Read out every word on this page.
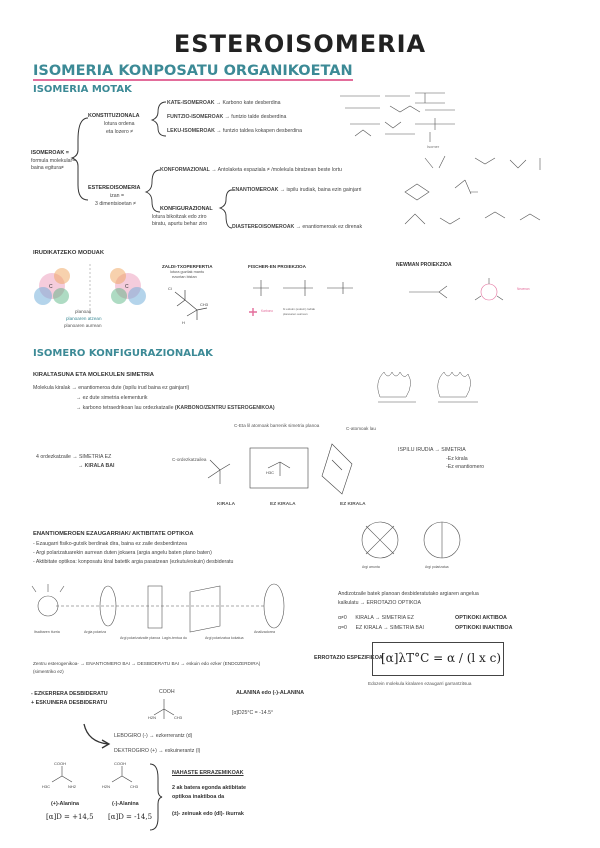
ESTEROISOMERIA
ISOMERIA KONPOSATU ORGANIKOETAN
ISOMERIA MOTAK
ISOMEROAK =
formula molekular=
baina egitura≠
KONSTITUZIONALA
lotura ordena
eta lozero ≠
KATE-ISOMEROAK → Karbono kate desberdina
FUNTZIO-ISOMEROAK → funtzio talde desberdina
LEKU-ISOMEROAK → funtzio taldea kokapen desberdina
ESTEREOISOMERIA
izan =
3 dimentsioetan ≠
KONFORMAZIONAL → Antolaketa espaziala ≠ /molekula biratzean beste lortu
KONFIGURAZIONAL
lotura bikoitzak edo ziro
biratu, apurtu behar ziro
ENANTIOMEROAK → ispilu irudiak, baina ezin gainjarri
DIASTEREOISOMEROAK → enantiomeroak ez direnak
Isomer
IRUDIKATZEKO MODUAK
C	C
planoan
planoaren atzean
planoaren aurrean
ZALDI-TXOPERFERTIA
lotura guztiak mantu
ezuntan bistan
Cl
CH3
H
FISCHER-EN PROIEKZIOA
Karbono	bi eskuin (eskuin) lodiak
planoaren aurrean
NEWMAN PROIEKZIOA
Newman
ISOMERO KONFIGURAZIONALAK
KIRALTASUNA ETA MOLEKULEN SIMETRIA
Molekula kiralak → enantiomeroa dute (ispilu irud baina ez gainjarri)
→ ez dute simetria elementurik
→ karbono tetraedrikoan lau ordezkatzaile (KARBONO/ZENTRU ESTEROGENIKOA)
4 ordezkatzaile → SIMETRIA EZ
→ KIRALA BAI
C-ordezkatzailea
C-Eta lil atomoak barrenik simetria planoa
C-atomoak lau
H3C
KIRALA	EZ KIRALA	EZ KIRALA
ISPILU IRUDIA → SIMETRIA
-Ez kirala
-Ez enantiomero
ENANTIOMEROEN EZAUGARRIAK/ AKTIBITATE OPTIKOA
- Ezaugarri fisiko-gutxik berdinak dira, baina ez zaile desberdintzea
- Argi polarizatuarekin aurrean duten jokaera (argia angelu baten plano baten)
- Aktibitate optikoa: konposatu kiral batetik argia pasatzean (ezkutu/eskuin) desbideratu
Argi arrunta	Argi polarizatua
Itsalbaren iturria	Argia polariza
Argi polarizatzaile planoa Lagin-tentua du	Argi polarizatua kokatua
Analizadorea
Zentru esterogenikoa- → ENANTIOMERO BAI → DESBIDERATU BAI → eskuin edo ezker (ENDOZERDIRA)
(simentriko ez)
Andizotzaile batek planoan desbideratutako argiaren angelua
kalkulatu → ERROTAZIO OPTIKOA
α≠0 KIRALA → SIMETRIA EZ	OPTIKOKI AKTIBOA
α=0 EZ KIRALA → SIMETRIA BAI	OPTIKOKI INAKTIBOA
ERROTAZIO ESPEZIFIKOA
[α]λT°C = α / (l x c)
Edozein molekula kiralaren ezaugarri garrantzitsua
- EZKERRERA DESBIDERATU
+ ESKUINERA DESBIDERATU
COOH
H2N	CH3
ALANINA edo (-)-ALANINA
[α]D25°C = -14.5°
LEBOGIRO (-) → ezkerrerantz (d)
DEXTROGIRO (+) → eskuinerantz (l)
COOH	COOH
H3C	NH2	H2N	CH3
(+)-Alanina	(-)-Alanina
[α]D = +14,5 [α]D = -14,5
NAHASTE ERRAZEMIKOAK
2 ak batera egonda aktibitate
optikoa inaktiboa da
(±)- zeinuak edo (dl)- ikurrak
